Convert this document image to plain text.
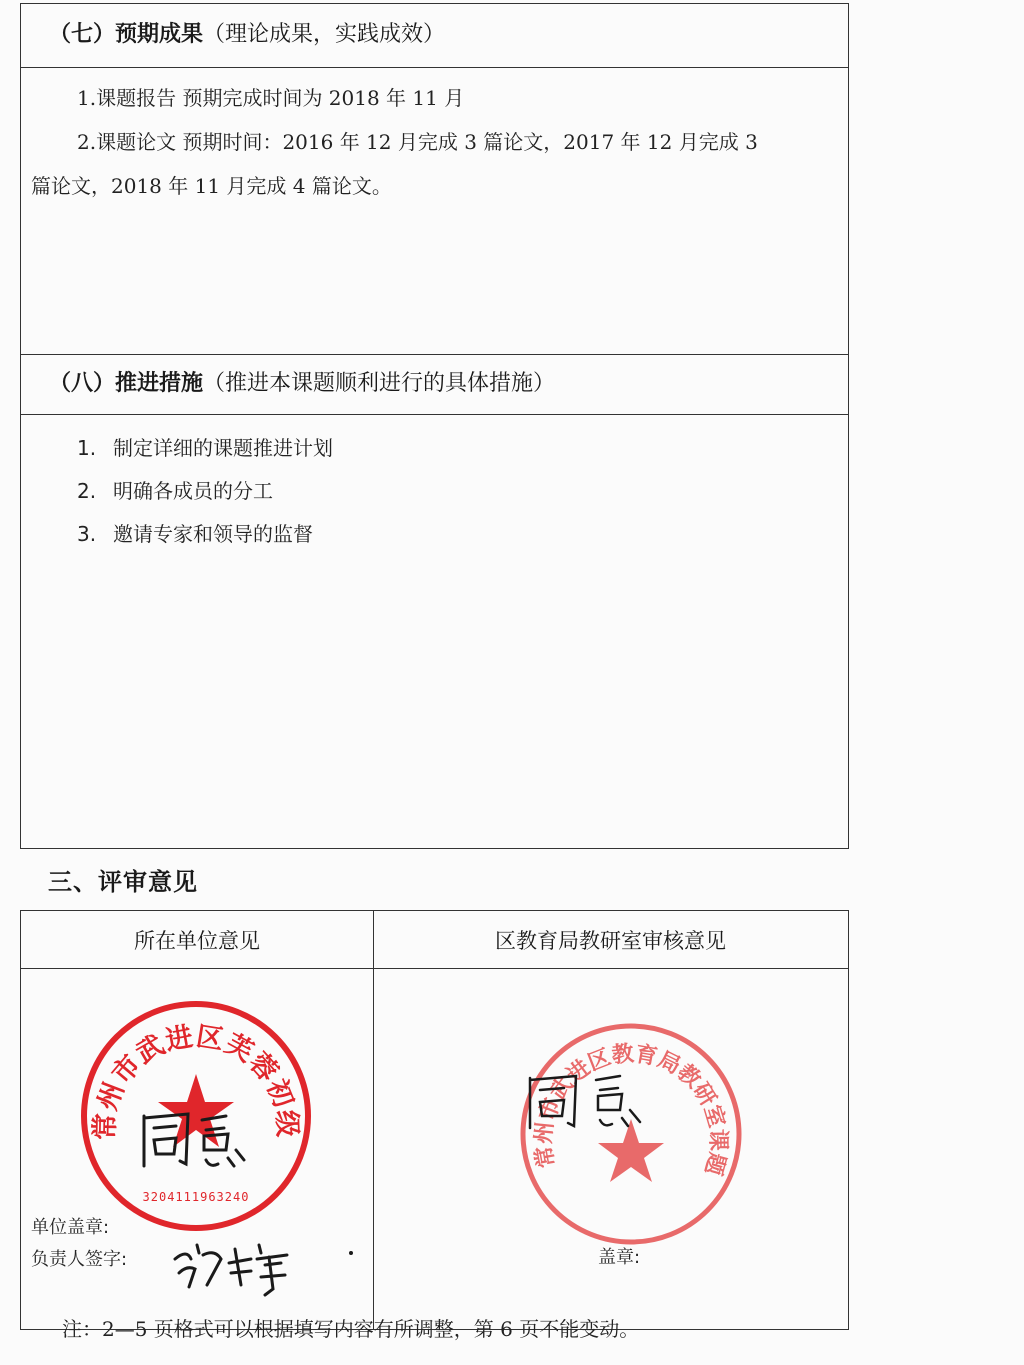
（七）预期成果（理论成果，实践成效）

1.课题报告 预期完成时间为 2018 年 11 月

2.课题论文 预期时间：2016 年 12 月完成 3 篇论文，2017 年 12 月完成 3

篇论文，2018 年 11 月完成 4 篇论文。

（八）推进措施（推进本课题顺利进行的具体措施）
1. 制定详细的课题推进计划
2. 明确各成员的分工
3. 邀请专家和领导的监督
三、评审意见
所在单位意见	区教育局教研室审核意见
常州市武进区芙蓉初级中学
3204111963240
常州市武进区教育局教研室课题研究规划领导小组
单位盖章:
负责人签字:	盖章:
注：2—5 页格式可以根据填写内容有所调整，第 6 页不能变动。
